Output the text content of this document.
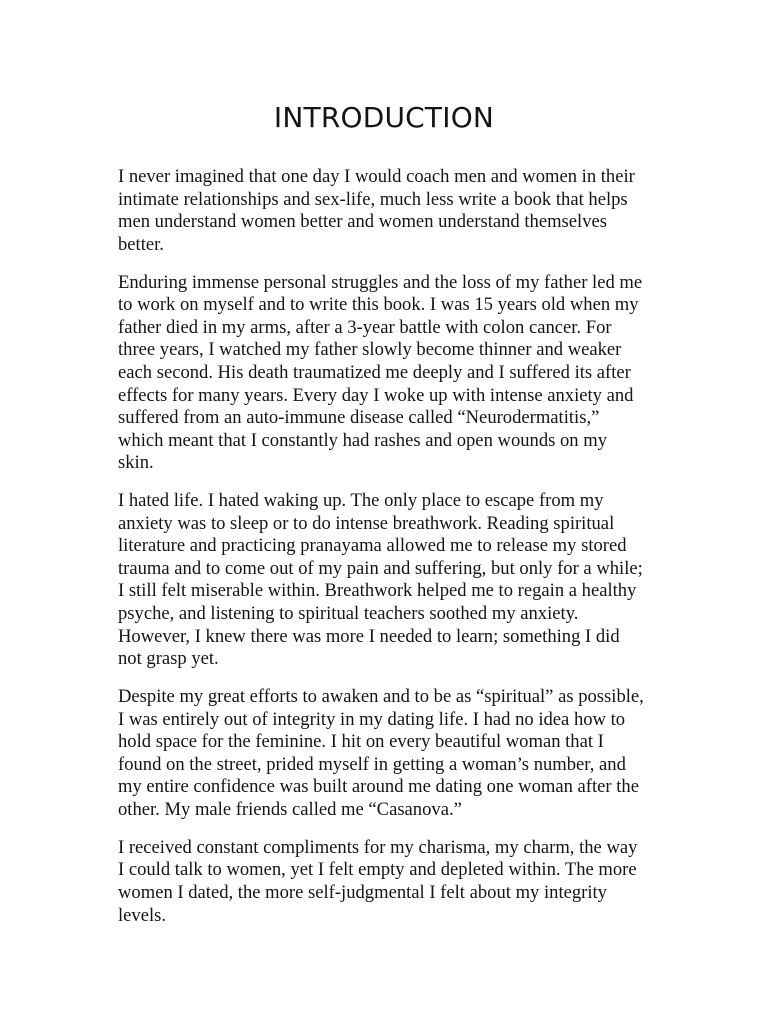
INTRODUCTION

I never imagined that one day I would coach men and women in their
intimate relationships and sex-life, much less write a book that helps
men understand women better and women understand themselves
better.

Enduring immense personal struggles and the loss of my father led me
to work on myself and to write this book. I was 15 years old when my
father died in my arms, after a 3-year battle with colon cancer. For
three years, I watched my father slowly become thinner and weaker
each second. His death traumatized me deeply and I suffered its after
effects for many years. Every day I woke up with intense anxiety and
suffered from an auto-immune disease called “Neurodermatitis,”
which meant that I constantly had rashes and open wounds on my
skin.

I hated life. I hated waking up. The only place to escape from my
anxiety was to sleep or to do intense breathwork. Reading spiritual
literature and practicing pranayama allowed me to release my stored
trauma and to come out of my pain and suffering, but only for a while;
I still felt miserable within. Breathwork helped me to regain a healthy
psyche, and listening to spiritual teachers soothed my anxiety.
However, I knew there was more I needed to learn; something I did
not grasp yet.

Despite my great efforts to awaken and to be as “spiritual” as possible,
I was entirely out of integrity in my dating life. I had no idea how to
hold space for the feminine. I hit on every beautiful woman that I
found on the street, prided myself in getting a woman’s number, and
my entire confidence was built around me dating one woman after the
other. My male friends called me “Casanova.”

I received constant compliments for my charisma, my charm, the way
I could talk to women, yet I felt empty and depleted within. The more
women I dated, the more self-judgmental I felt about my integrity
levels.
